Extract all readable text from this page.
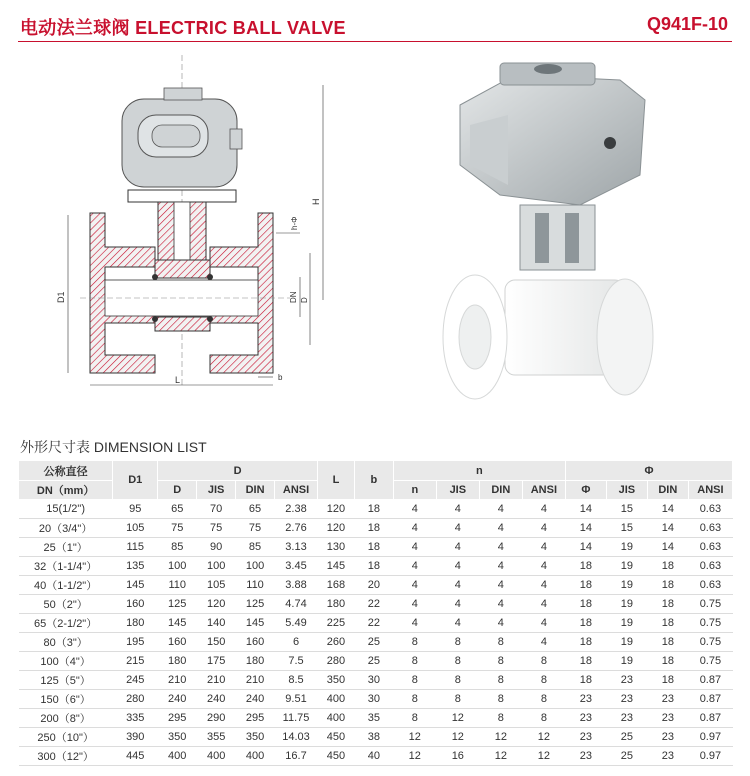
电动法兰球阀 ELECTRIC BALL VALVE	Q941F-10
D1
H
h-Φ
DN D
L	b
外形尺寸表 DIMENSION LIST
公称直径	D1	D				L	b	n				Φ			
DN（mm）		D	JIS	DIN	ANSI			n	JIS	DIN	ANSI	Φ	JIS	DIN	ANSI
15(1/2")	95	65	70	65	2.38	120	18	4	4	4	4	14	15	14	0.63
20（3/4"）	105	75	75	75	2.76	120	18	4	4	4	4	14	15	14	0.63
25（1"）	115	85	90	85	3.13	130	18	4	4	4	4	14	19	14	0.63
32（1-1/4"）	135	100	100	100	3.45	145	18	4	4	4	4	18	19	18	0.63
40（1-1/2"）	145	110	105	110	3.88	168	20	4	4	4	4	18	19	18	0.63
50（2"）	160	125	120	125	4.74	180	22	4	4	4	4	18	19	18	0.75
65（2-1/2"）	180	145	140	145	5.49	225	22	4	4	4	4	18	19	18	0.75
80（3"）	195	160	150	160	6	260	25	8	8	8	4	18	19	18	0.75
100（4"）	215	180	175	180	7.5	280	25	8	8	8	8	18	19	18	0.75
125（5"）	245	210	210	210	8.5	350	30	8	8	8	8	18	23	18	0.87
150（6"）	280	240	240	240	9.51	400	30	8	8	8	8	23	23	23	0.87
200（8"）	335	295	290	295	11.75	400	35	8	12	8	8	23	23	23	0.87
250（10"）	390	350	355	350	14.03	450	38	12	12	12	12	23	25	23	0.97
300（12"）	445	400	400	400	16.7	450	40	12	16	12	12	23	25	23	0.97
